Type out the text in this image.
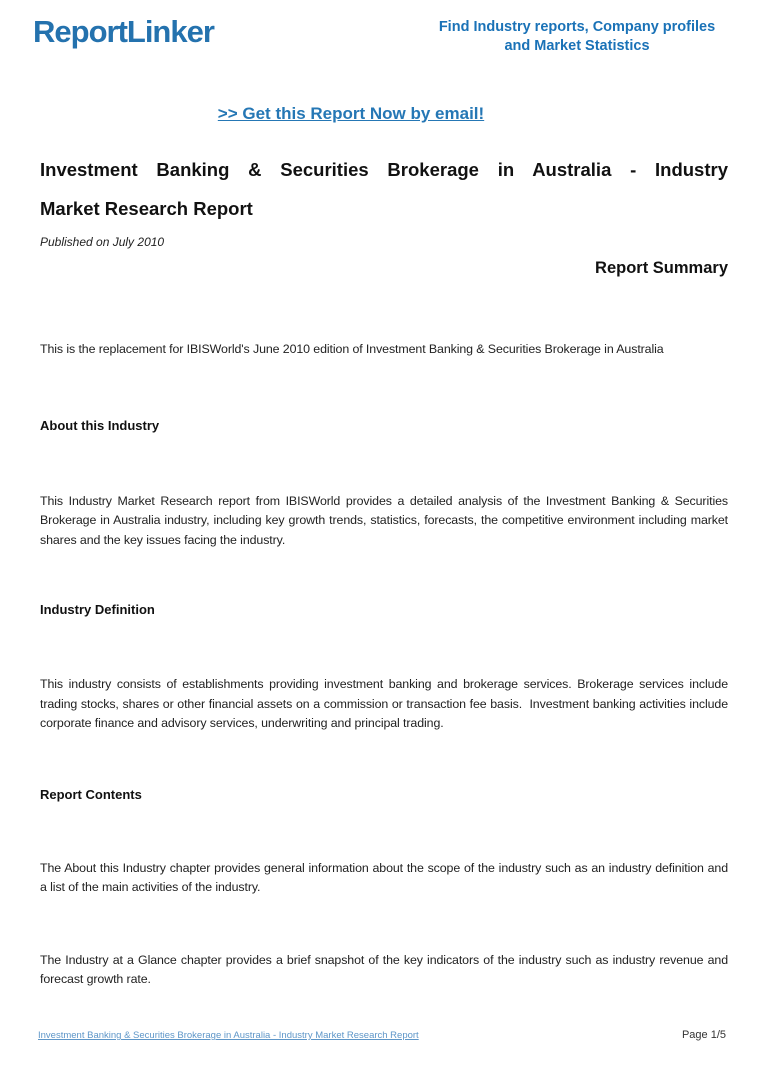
ReportLinker	Find Industry reports, Company profiles
and Market Statistics
>> Get this Report Now by email!
Investment Banking & Securities Brokerage in Australia - Industry
Market Research Report
Published on July 2010
Report Summary
This is the replacement for IBISWorld's June 2010 edition of Investment Banking & Securities Brokerage in Australia
About this Industry
This Industry Market Research report from IBISWorld provides a detailed analysis of the Investment Banking & Securities Brokerage in Australia industry, including key growth trends, statistics, forecasts, the competitive environment including market shares and the key issues facing the industry.
Industry Definition
This industry consists of establishments providing investment banking and brokerage services. Brokerage services include trading stocks, shares or other financial assets on a commission or transaction fee basis.  Investment banking activities include corporate finance and advisory services, underwriting and principal trading.
Report Contents
The About this Industry chapter provides general information about the scope of the industry such as an industry definition and a list of the main activities of the industry.
The Industry at a Glance chapter provides a brief snapshot of the key indicators of the industry such as industry revenue and forecast growth rate.
Investment Banking & Securities Brokerage in Australia - Industry Market Research Report	Page 1/5
